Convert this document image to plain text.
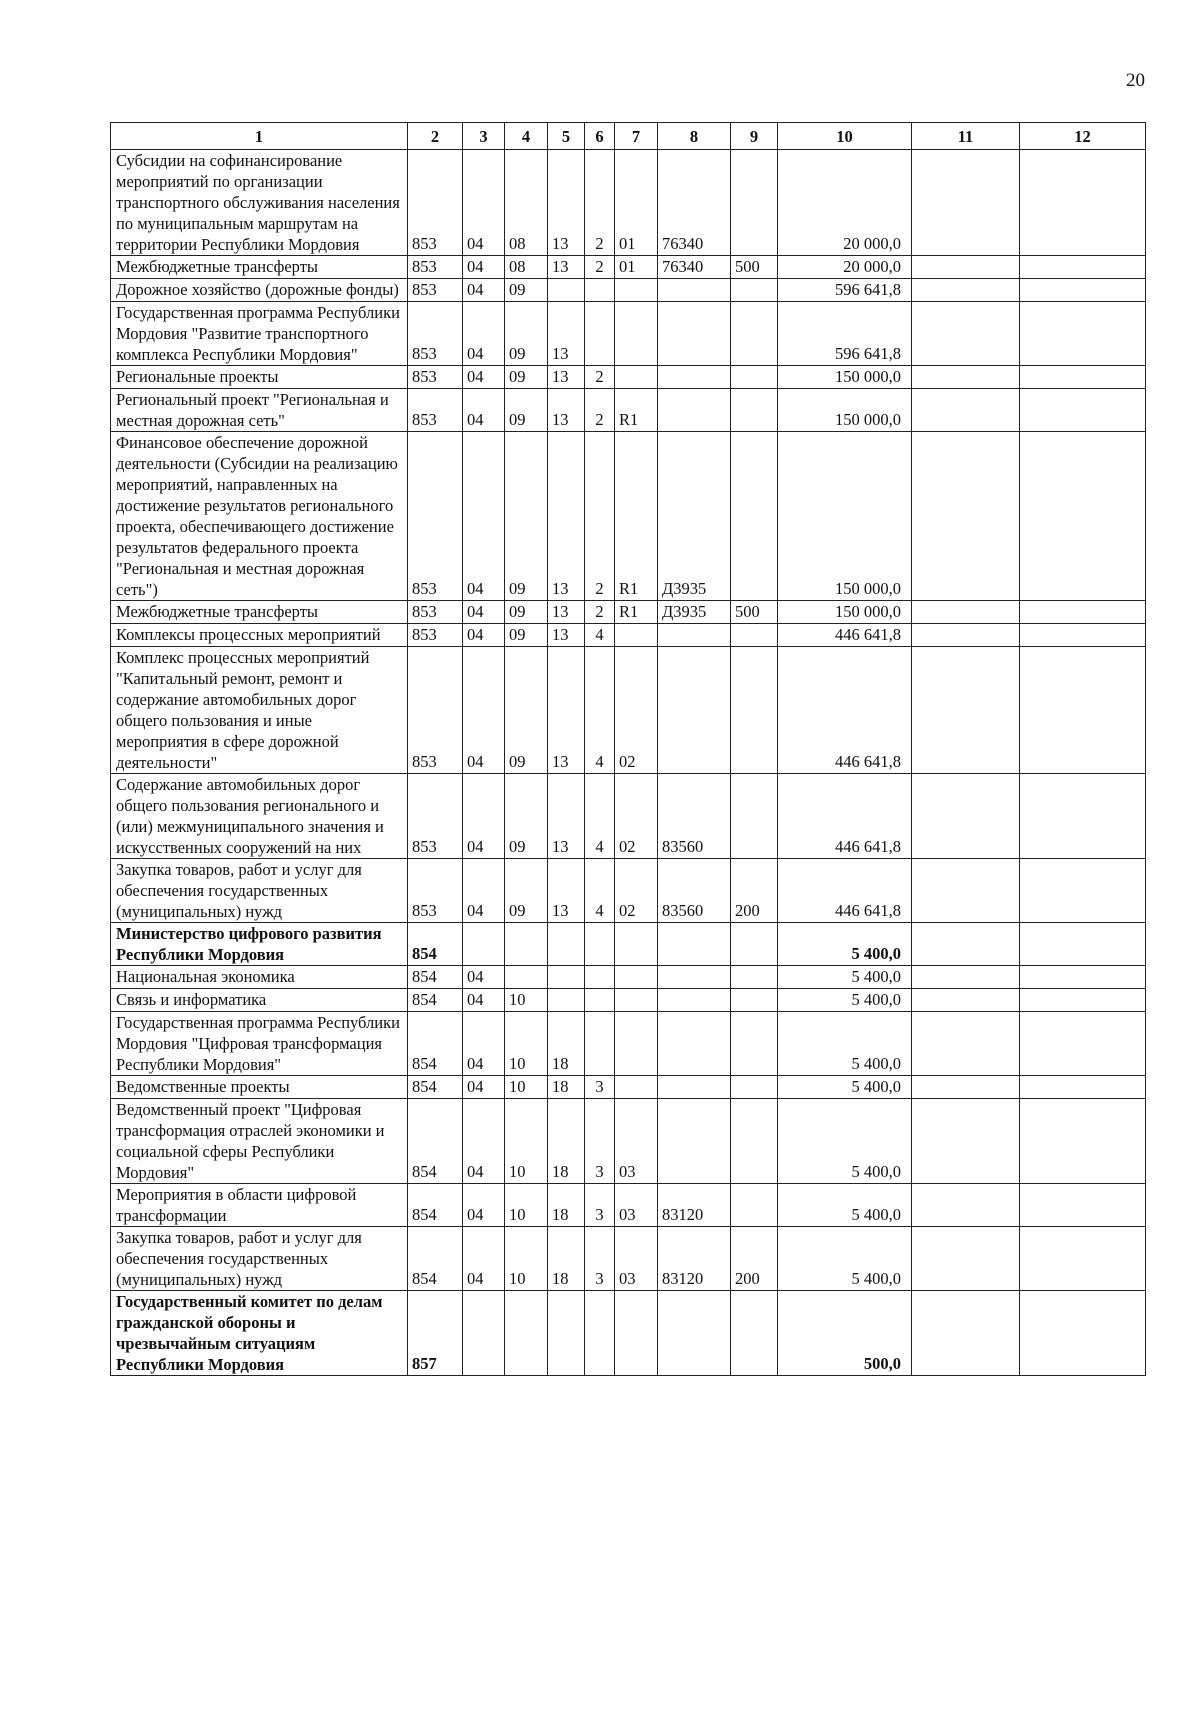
20
1	2	3	4	5	6	7	8	9	10	11	12
Субсидии на софинансирование мероприятий по организации транспортного обслуживания населения по муниципальным маршрутам на территории Республики Мордовия	853	04	08	13	2	01	76340		20 000,0		
Межбюджетные трансферты	853	04	08	13	2	01	76340	500	20 000,0		
Дорожное хозяйство (дорожные фонды)	853	04	09						596 641,8		
Государственная программа Республики Мордовия "Развитие транспортного комплекса Республики Мордовия"	853	04	09	13					596 641,8		
Региональные проекты	853	04	09	13	2				150 000,0		
Региональный проект "Региональная и местная дорожная сеть"	853	04	09	13	2	R1			150 000,0		
Финансовое обеспечение дорожной деятельности (Субсидии на реализацию мероприятий, направленных на достижение результатов регионального проекта, обеспечивающего достижение результатов федерального проекта "Региональная и местная дорожная сеть")	853	04	09	13	2	R1	Д3935		150 000,0		
Межбюджетные трансферты	853	04	09	13	2	R1	Д3935	500	150 000,0		
Комплексы процессных мероприятий	853	04	09	13	4				446 641,8		
Комплекс процессных мероприятий "Капитальный ремонт, ремонт и содержание автомобильных дорог общего пользования и иные мероприятия в сфере дорожной деятельности"	853	04	09	13	4	02			446 641,8		
Содержание автомобильных дорог общего пользования регионального и (или) межмуниципального значения и искусственных сооружений на них	853	04	09	13	4	02	83560		446 641,8		
Закупка товаров, работ и услуг для обеспечения государственных (муниципальных) нужд	853	04	09	13	4	02	83560	200	446 641,8		
Министерство цифрового развития Республики Мордовия	854								5 400,0		
Национальная экономика	854	04							5 400,0		
Связь и информатика	854	04	10						5 400,0		
Государственная программа Республики Мордовия "Цифровая трансформация Республики Мордовия"	854	04	10	18					5 400,0		
Ведомственные проекты	854	04	10	18	3				5 400,0		
Ведомственный проект "Цифровая трансформация отраслей экономики и социальной сферы Республики Мордовия"	854	04	10	18	3	03			5 400,0		
Мероприятия в области цифровой трансформации	854	04	10	18	3	03	83120		5 400,0		
Закупка товаров, работ и услуг для обеспечения государственных (муниципальных) нужд	854	04	10	18	3	03	83120	200	5 400,0		
Государственный комитет по делам гражданской обороны и чрезвычайным ситуациям Республики Мордовия	857								500,0		
